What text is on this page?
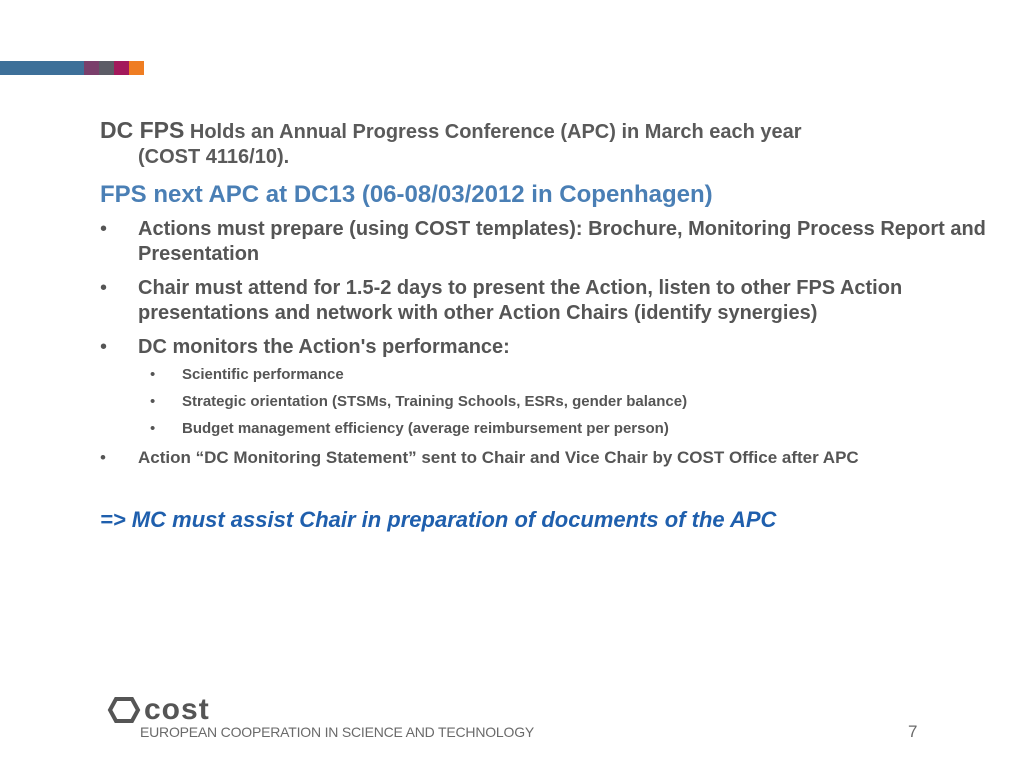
DC FPS Holds an Annual Progress Conference (APC) in March each year
(COST 4116/10).
FPS next APC at DC13 (06-08/03/2012 in Copenhagen)
• Actions must prepare (using COST templates): Brochure, Monitoring Process Report and Presentation
• Chair must attend for 1.5-2 days to present the Action, listen to other FPS Action presentations and network with other Action Chairs (identify synergies)
• DC monitors the Action's performance:
• Scientific performance
• Strategic orientation (STSMs, Training Schools, ESRs, gender balance)
• Budget management efficiency (average reimbursement per person)
• Action “DC Monitoring Statement” sent to Chair and Vice Chair by COST Office after APC
=> MC must assist Chair in preparation of documents of the APC
cost
EUROPEAN COOPERATION IN SCIENCE AND TECHNOLOGY	7
